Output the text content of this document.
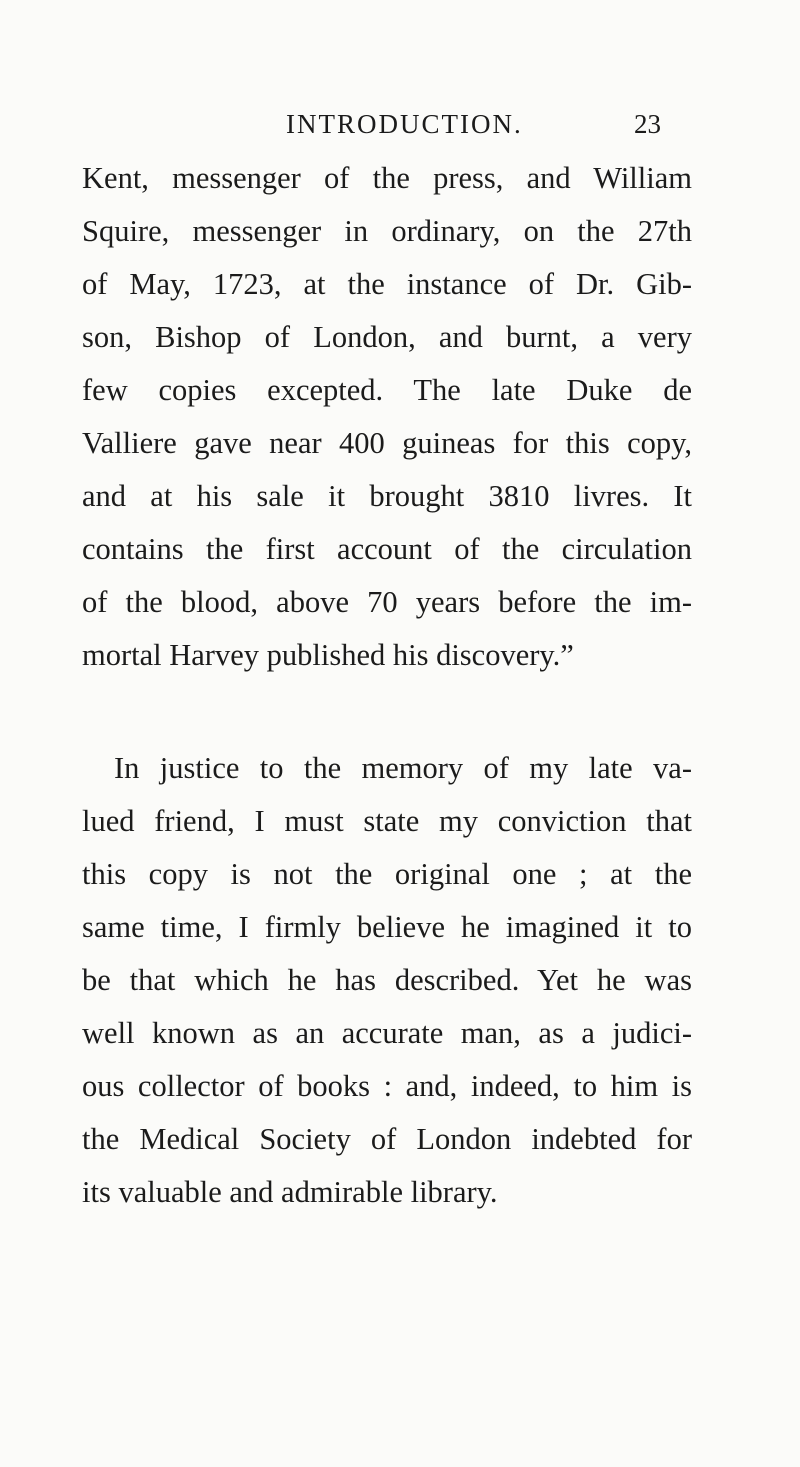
INTRODUCTION.	23
Kent, messenger of the press, and William
Squire, messenger in ordinary, on the 27th
of May, 1723, at the instance of Dr. Gib-
son, Bishop of London, and burnt, a very
few copies excepted. The late Duke de
Valliere gave near 400 guineas for this copy,
and at his sale it brought 3810 livres. It
contains the first account of the circulation
of the blood, above 70 years before the im-
mortal Harvey published his discovery.”
In justice to the memory of my late va-
lued friend, I must state my conviction that
this copy is not the original one ; at the
same time, I firmly believe he imagined it to
be that which he has described. Yet he was
well known as an accurate man, as a judici-
ous collector of books : and, indeed, to him is
the Medical Society of London indebted for
its valuable and admirable library.
